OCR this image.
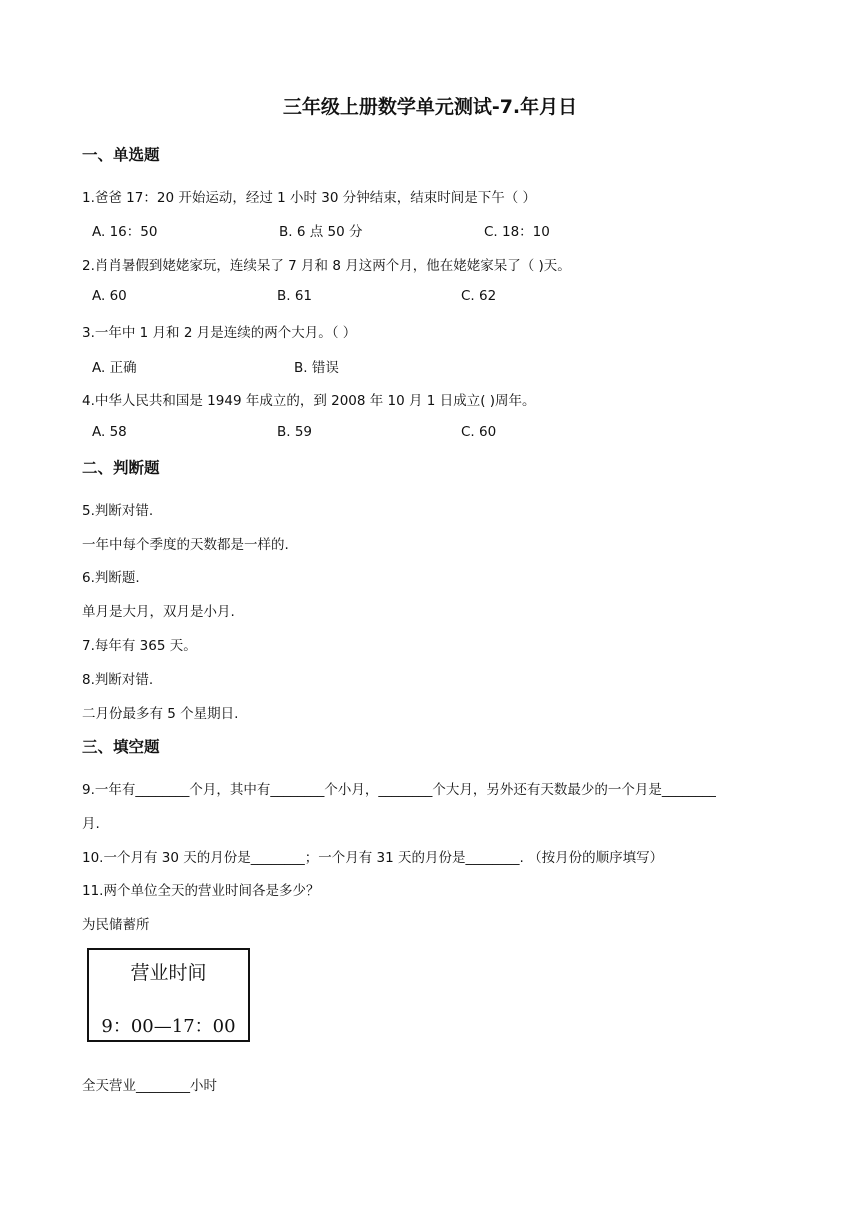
三年级上册数学单元测试-7.年月日
一、单选题
1.爸爸 17：20 开始运动，经过 1 小时 30 分钟结束，结束时间是下午（ ）
A. 16：50	B. 6 点 50 分	C. 18：10
2.肖肖暑假到姥姥家玩，连续呆了 7 月和 8 月这两个月，他在姥姥家呆了（ )天。
A. 60	B. 61	C. 62
3.一年中 1 月和 2 月是连续的两个大月。（ ）
A. 正确	B. 错误
4.中华人民共和国是 1949 年成立的，到 2008 年 10 月 1 日成立( )周年。
A. 58	B. 59	C. 60
二、判断题
5.判断对错.
一年中每个季度的天数都是一样的.
6.判断题.
单月是大月，双月是小月.
7.每年有 365 天。
8.判断对错.
二月份最多有 5 个星期日.
三、填空题
9.一年有________个月，其中有________个小月，________个大月，另外还有天数最少的一个月是________
月.
10.一个月有 30 天的月份是________；一个月有 31 天的月份是________. （按月份的顺序填写）
11.两个单位全天的营业时间各是多少？
为民储蓄所
营业时间
9：00—17：00
全天营业________小时
